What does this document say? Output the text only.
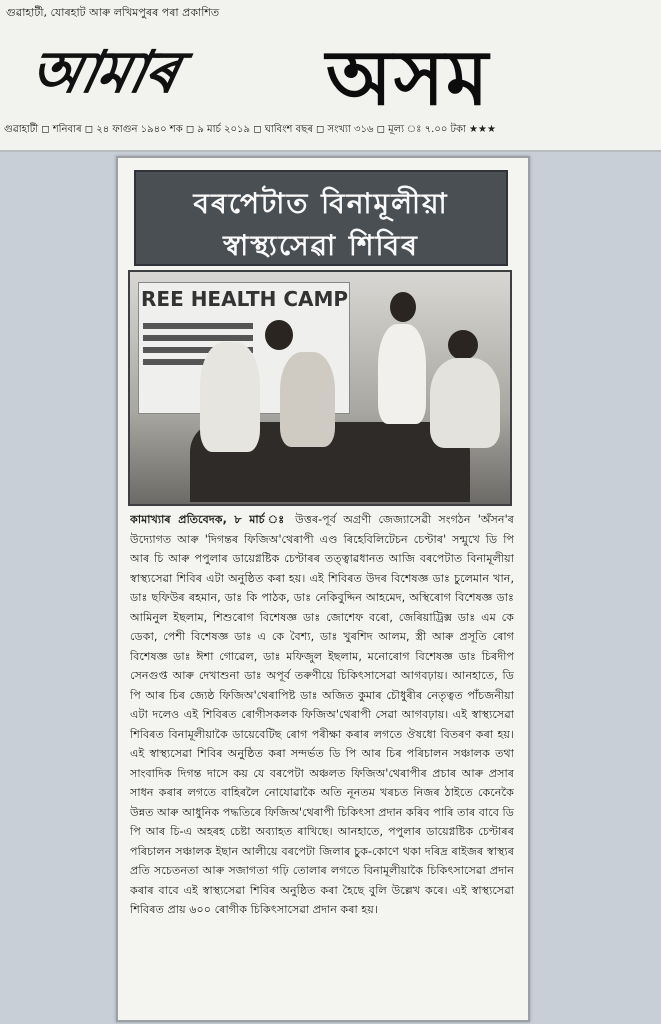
গুৱাহাটী, যোৰহাট আৰু লখিমপুৰৰ পৰা প্ৰকাশিত
আমাৰ অসম
গুৱাহাটী ◻ শনিবাৰ ◻ ২৪ ফাগুন ১৯৪০ শক ◻ ৯ মাৰ্চ ২০১৯ ◻ ঘাবিংশ বছৰ ◻ সংখ্যা ৩১৬ ◻ মূল্য ঃ ৭.০০ টকা ★★★
বৰপেটাত বিনামূলীয়া
স্বাস্থ্যসেৱা শিবিৰ
REE HEALTH CAMP
কামাখ্যাৰ প্ৰতিবেদক, ৮ মাৰ্চ ঃ উত্তৰ-পূৰ্ব অগ্ৰণী জেজ্যাসেৱী সংগঠন 'অঁসন'ৰ উদ্যোগত আৰু 'দিগন্তৰ ফিজিঅ'থেৰাপী এণ্ড ৰিহেবিলিটেচন চেণ্টাৰ' সন্মুখে ডি পি আৰ চি আৰু পপুলাৰ ডায়েগ্নষ্টিক চেণ্টাৰৰ তত্ত্বাৱধানত আজি বৰপেটাত বিনামূলীয়া স্বাস্থ্যসেৱা শিবিৰ এটা অনুষ্ঠিত কৰা হয়। এই শিবিৰত উদৰ বিশেষজ্ঞ ডাঃ চুলেমান খান, ডাঃ ছফিউৰ ৰহমান, ডাঃ কি পাঠক, ডাঃ নেকিবুদ্দিন আহমেদ, অস্থিৰোগ বিশেষজ্ঞ ডাঃ আমিনুল ইছলাম, শিশুৰোগ বিশেষজ্ঞ ডাঃ জোশেফ বৰো, জেৰিয়াট্ৰিক্স ডাঃ এম কে ডেকা, পেশী বিশেষজ্ঞ ডাঃ এ কে বৈশ্য, ডাঃ খুৰশিদ আলম, স্ত্ৰী আৰু প্ৰসূতি ৰোগ বিশেষজ্ঞ ডাঃ ঈশা গোৱেল, ডাঃ মফিজুল ইছলাম, মনোৰোগ বিশেষজ্ঞ ডাঃ চিৰদীপ সেনগুপ্ত আৰু দেখাশুনা ডাঃ অপূৰ্ব তৰুণীয়ে চিকিৎসাসেৱা আগবঢ়ায়। আনহাতে, ডি পি আৰ চিৰ জ্যেষ্ঠ ফিজিঅ'থেৰাপিষ্ট ডাঃ অজিত কুমাৰ চৌধুৰীৰ নেতৃত্বত পাঁচজনীয়া এটা দলেও এই শিবিৰত ৰোগীসকলক ফিজিঅ'থেৰাপী সেৱা আগবঢ়ায়। এই স্বাস্থ্যসেৱা শিবিৰত বিনামূলীয়াকৈ ডায়েবেটিছ ৰোগ পৰীক্ষা কৰাৰ লগতে ঔষধো বিতৰণ কৰা হয়। এই স্বাস্থ্যসেৱা শিবিৰ অনুষ্ঠিত কৰা সন্দৰ্ভত ডি পি আৰ চিৰ পৰিচালন সঞ্চালক তথা সাংবাদিক দিগন্ত দাসে কয় যে বৰপেটা অঞ্চলত ফিজিঅ'থেৰাপীৰ প্ৰচাৰ আৰু প্ৰসাৰ সাধন কৰাৰ লগতে বাহিৰলৈ নোযোৱাকৈ অতি নূনতম খৰচত নিজৰ ঠাইতে কেনেকৈ উন্নত আৰু আধুনিক পদ্ধতিৰে ফিজিঅ'থেৰাপী চিকিৎসা প্ৰদান কৰিব পাৰি তাৰ বাবে ডি পি আৰ চি-এ অহৰহ চেষ্টা অব্যাহত ৰাখিছে। আনহাতে, পপুলাৰ ডায়েগ্নষ্টিক চেণ্টাৰৰ পৰিচালন সঞ্চালক ইছান আলীয়ে বৰপেটা জিলাৰ চুক-কোণে থকা দৰিদ্ৰ ৰাইজৰ স্বাস্থ্যৰ প্ৰতি সচেতনতা আৰু সজাগতা গঢ়ি তোলাৰ লগতে বিনামূলীয়াকৈ চিকিৎসাসেৱা প্ৰদান কৰাৰ বাবে এই স্বাস্থ্যসেৱা শিবিৰ অনুষ্ঠিত কৰা হৈছে বুলি উল্লেখ কৰে। এই স্বাস্থ্যসেৱা শিবিৰত প্ৰায় ৬০০ ৰোগীক চিকিৎসাসেৱা প্ৰদান কৰা হয়।
